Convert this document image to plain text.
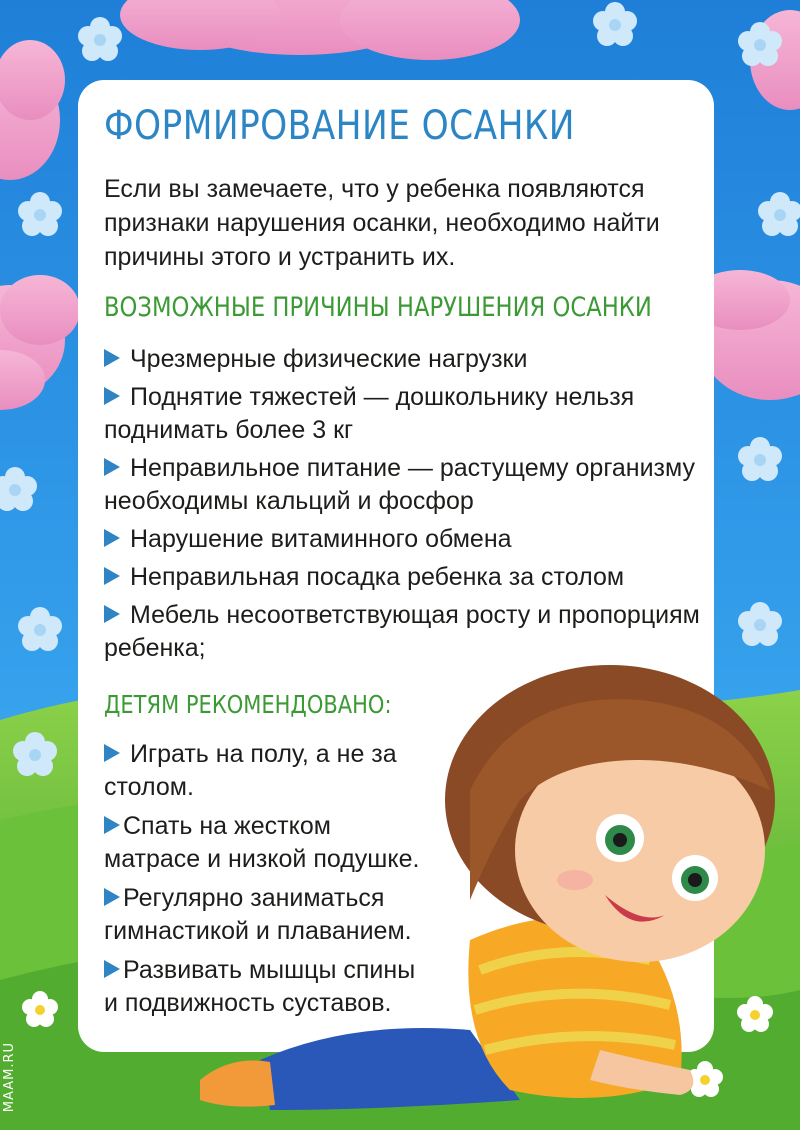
ФОРМИРОВАНИЕ ОСАНКИ

Если вы замечаете, что у ребенка появляются признаки нарушения осанки, необходимо найти причины этого и устранить их.

ВОЗМОЖНЫЕ ПРИЧИНЫ НАРУШЕНИЯ ОСАНКИ
Чрезмерные физические нагрузки
Поднятие тяжестей — дошкольнику нельзя поднимать более 3 кг
Неправильное питание — растущему организму необходимы кальций и фосфор
Нарушение витаминного обмена
Неправильная посадка ребенка за столом
Мебель несоответствующая росту и пропорциям ребенка;
ДЕТЯМ РЕКОМЕНДОВАНО:
Играть на полу, а не за столом.
Спать на жестком матрасе и низкой подушке.
Регулярно заниматься гимнастикой и плаванием.
Развивать мышцы спины и подвижность суставов.
MAAM.RU
